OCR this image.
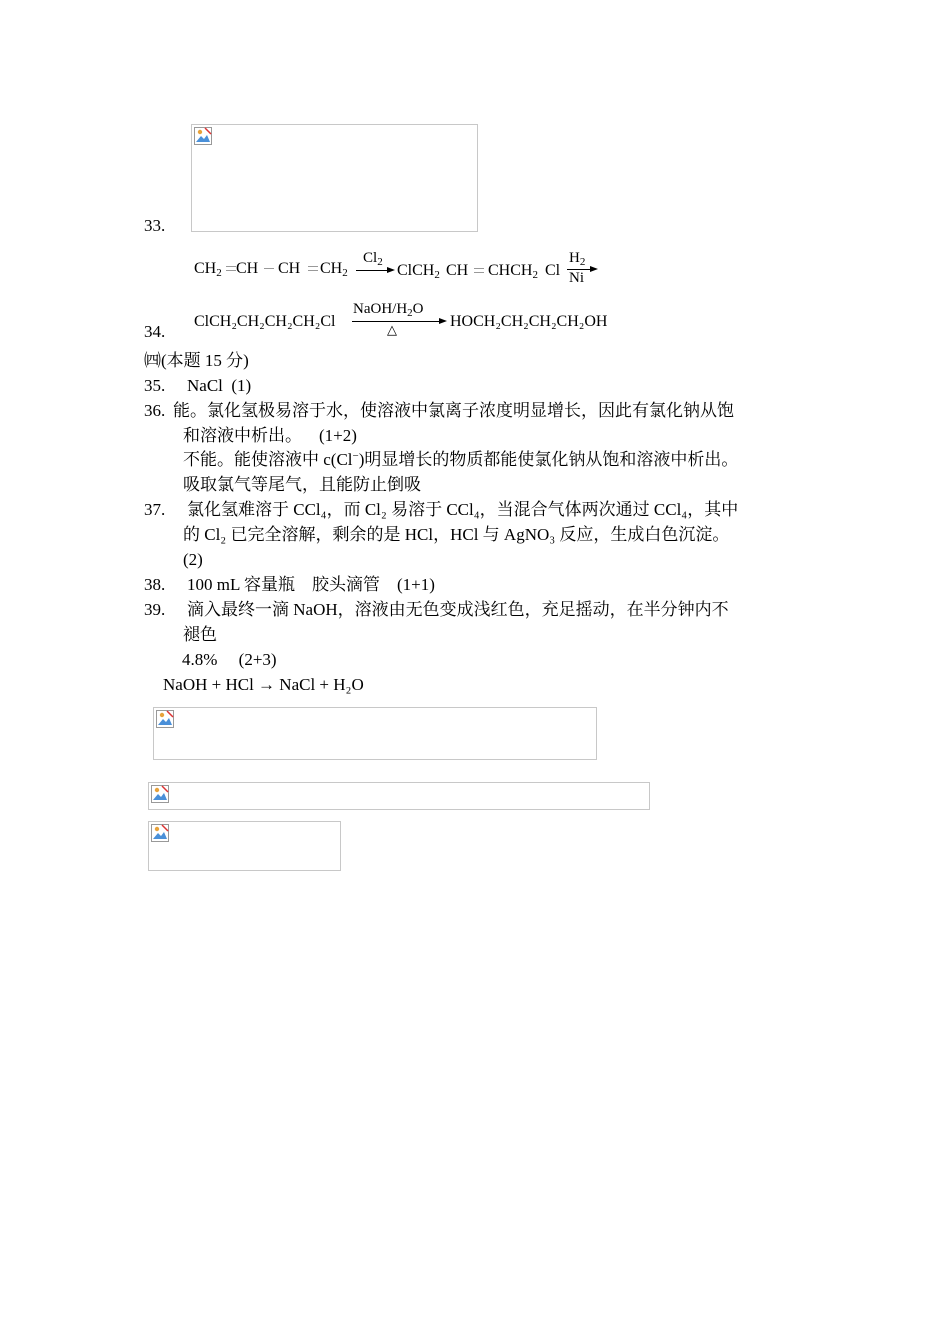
33.
$CH_2$ CH CH $CH_2$
$Cl_2$ ClCH$_2$ CH $CHCH_2$ Cl
$H_2$
Ni
34.
ClCH₂CH₂CH₂CH₂Cl
NaOH/$H_2O$
△	HOCH₂CH₂CH₂CH₂OH
㈣(本题 15 分)
35. NaCl  (1)
36. 能。氯化氢极易溶于水，使溶液中氯离子浓度明显增长，因此有氯化钠从饱
和溶液中析出。    (1+2)
不能。能使溶液中 c(Cl−)明显增长的物质都能使氯化钠从饱和溶液中析出。
吸取氯气等尾气，且能防止倒吸
37. 氯化氢难溶于 CCl₄，而 Cl₂ 易溶于 CCl₄，当混合气体两次通过 CCl₄，其中
的 Cl₂ 已完全溶解，剩余的是 HCl，HCl 与 AgNO₃ 反应，生成白色沉淀。
(2)
38. 100 mL 容量瓶    胶头滴管    (1+1)
39. 滴入最终一滴 NaOH，溶液由无色变成浅红色，充足摇动，在半分钟内不
褪色
4.8%     (2+3)
NaOH + HCl → NaCl + H₂O
